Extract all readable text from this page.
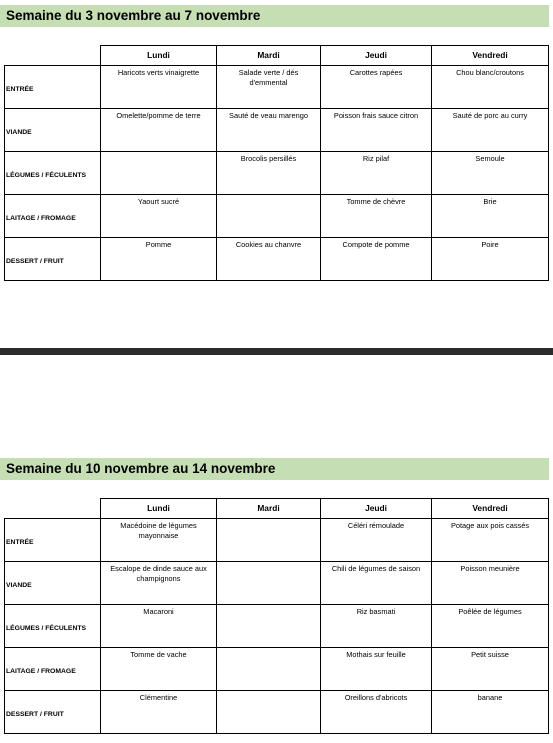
Semaine du 3 novembre au 7 novembre
	Lundi	Mardi	Jeudi	Vendredi
ENTRÉE	Haricots verts vinaigrette	Salade verte / dés d'emmental	Carottes rapées	Chou blanc/croutons
VIANDE	Omelette/pomme de terre	Sauté de veau marengo	Poisson frais sauce citron	Sauté de porc au curry
LÉGUMES / FÉCULENTS		Brocolis persillés	Riz pilaf	Semoule
LAITAGE / FROMAGE	Yaourt sucré		Tomme de chèvre	Brie
DESSERT / FRUIT	Pomme	Cookies au chanvre	Compote de pomme	Poire
Semaine du 10 novembre au 14 novembre
	Lundi	Mardi	Jeudi	Vendredi
ENTRÉE	Macédoine de légumes mayonnaise		Céléri rémoulade	Potage aux pois cassés
VIANDE	Escalope de dinde sauce aux champignons		Chili de légumes de saison	Poisson meunière
LÉGUMES / FÉCULENTS	Macaroni		Riz basmati	Poêlée de légumes
LAITAGE / FROMAGE	Tomme de vache		Mothais sur feuille	Petit suisse
DESSERT / FRUIT	Clémentine		Oreillons d'abricots	banane
